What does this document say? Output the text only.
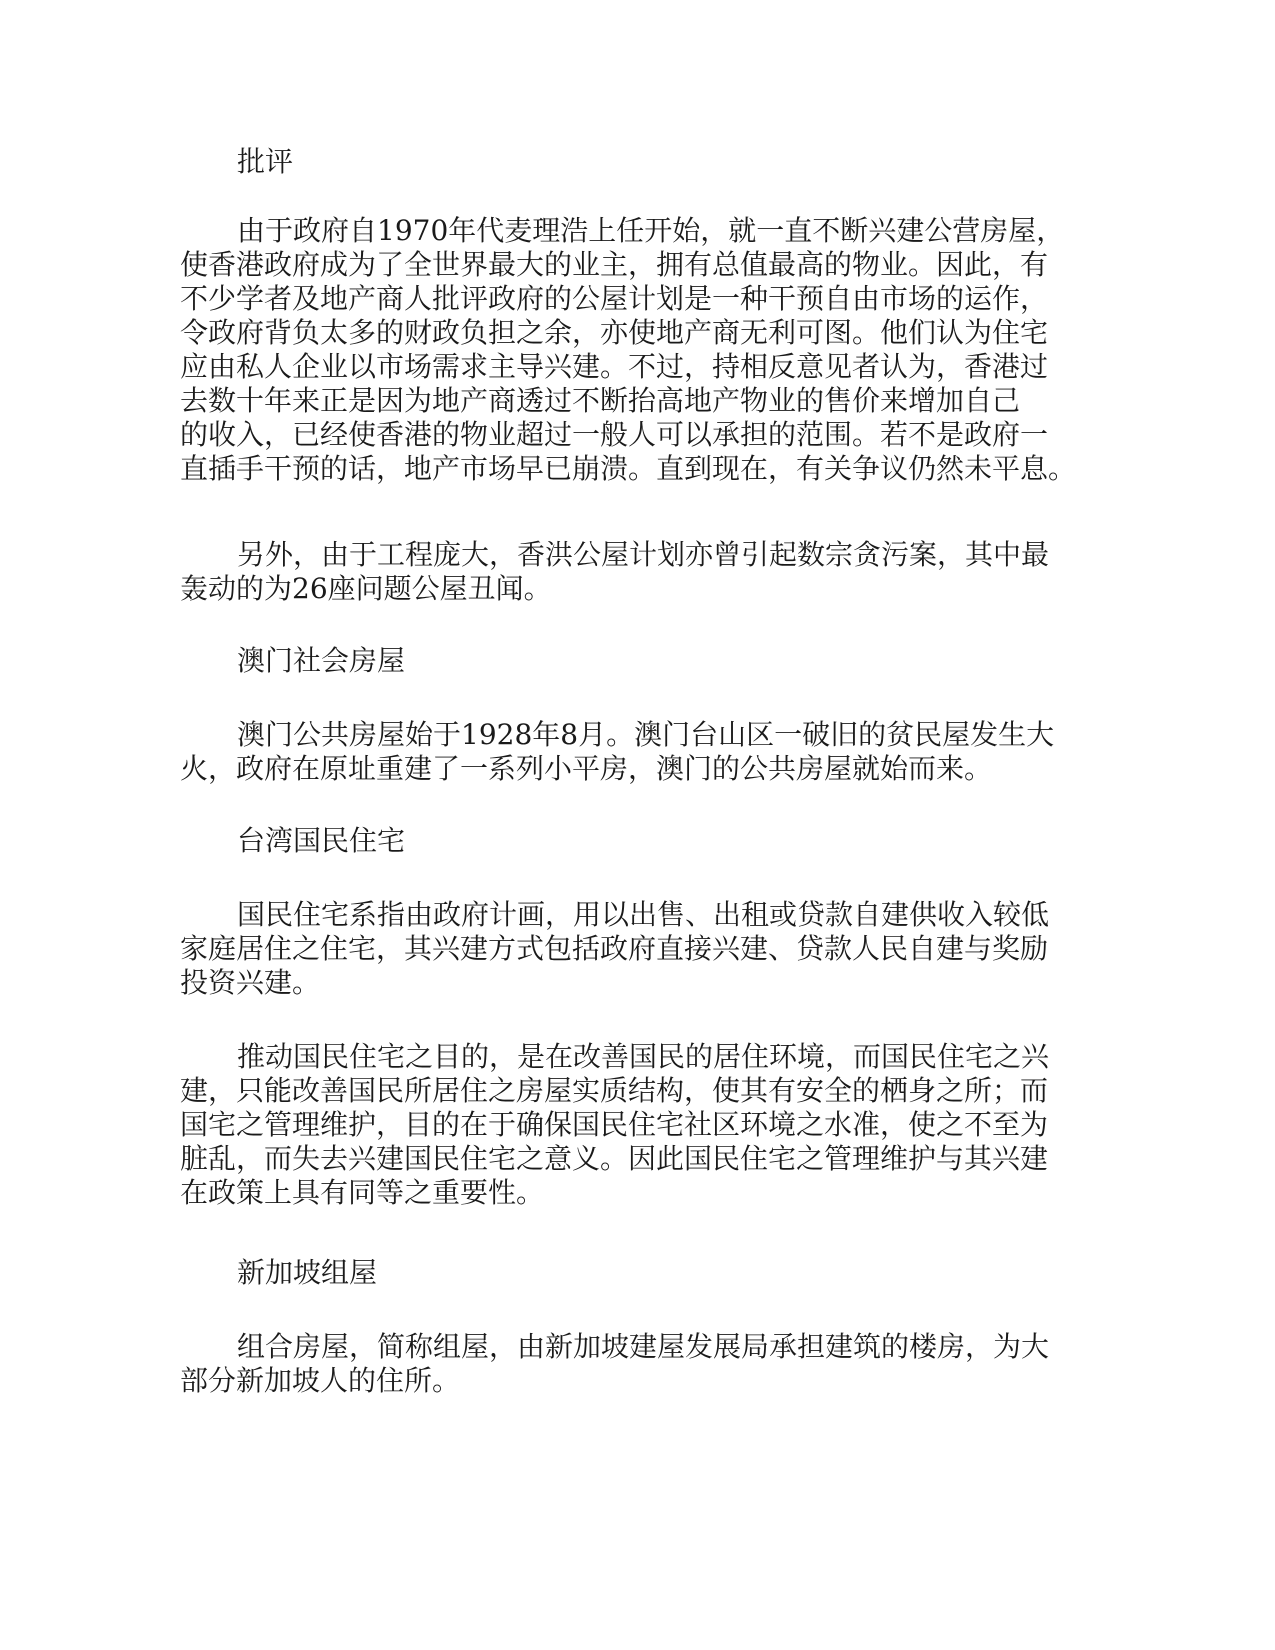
批评
由于政府自1970年代麦理浩上任开始，就一直不断兴建公营房屋，
使香港政府成为了全世界最大的业主，拥有总值最高的物业。因此，有
不少学者及地产商人批评政府的公屋计划是一种干预自由市场的运作，
令政府背负太多的财政负担之余，亦使地产商无利可图。他们认为住宅
应由私人企业以市场需求主导兴建。不过，持相反意见者认为，香港过
去数十年来正是因为地产商透过不断抬高地产物业的售价来增加自己
的收入，已经使香港的物业超过一般人可以承担的范围。若不是政府一
直插手干预的话，地产市场早已崩溃。直到现在，有关争议仍然未平息。
另外，由于工程庞大，香洪公屋计划亦曾引起数宗贪污案，其中最
轰动的为26座问题公屋丑闻。
澳门社会房屋
澳门公共房屋始于1928年8月。澳门台山区一破旧的贫民屋发生大
火，政府在原址重建了一系列小平房，澳门的公共房屋就始而来。
台湾国民住宅
国民住宅系指由政府计画，用以出售、出租或贷款自建供收入较低
家庭居住之住宅，其兴建方式包括政府直接兴建、贷款人民自建与奖励
投资兴建。
推动国民住宅之目的，是在改善国民的居住环境，而国民住宅之兴
建，只能改善国民所居住之房屋实质结构，使其有安全的栖身之所；而
国宅之管理维护，目的在于确保国民住宅社区环境之水准，使之不至为
脏乱，而失去兴建国民住宅之意义。因此国民住宅之管理维护与其兴建
在政策上具有同等之重要性。
新加坡组屋
组合房屋，简称组屋，由新加坡建屋发展局承担建筑的楼房，为大
部分新加坡人的住所。
